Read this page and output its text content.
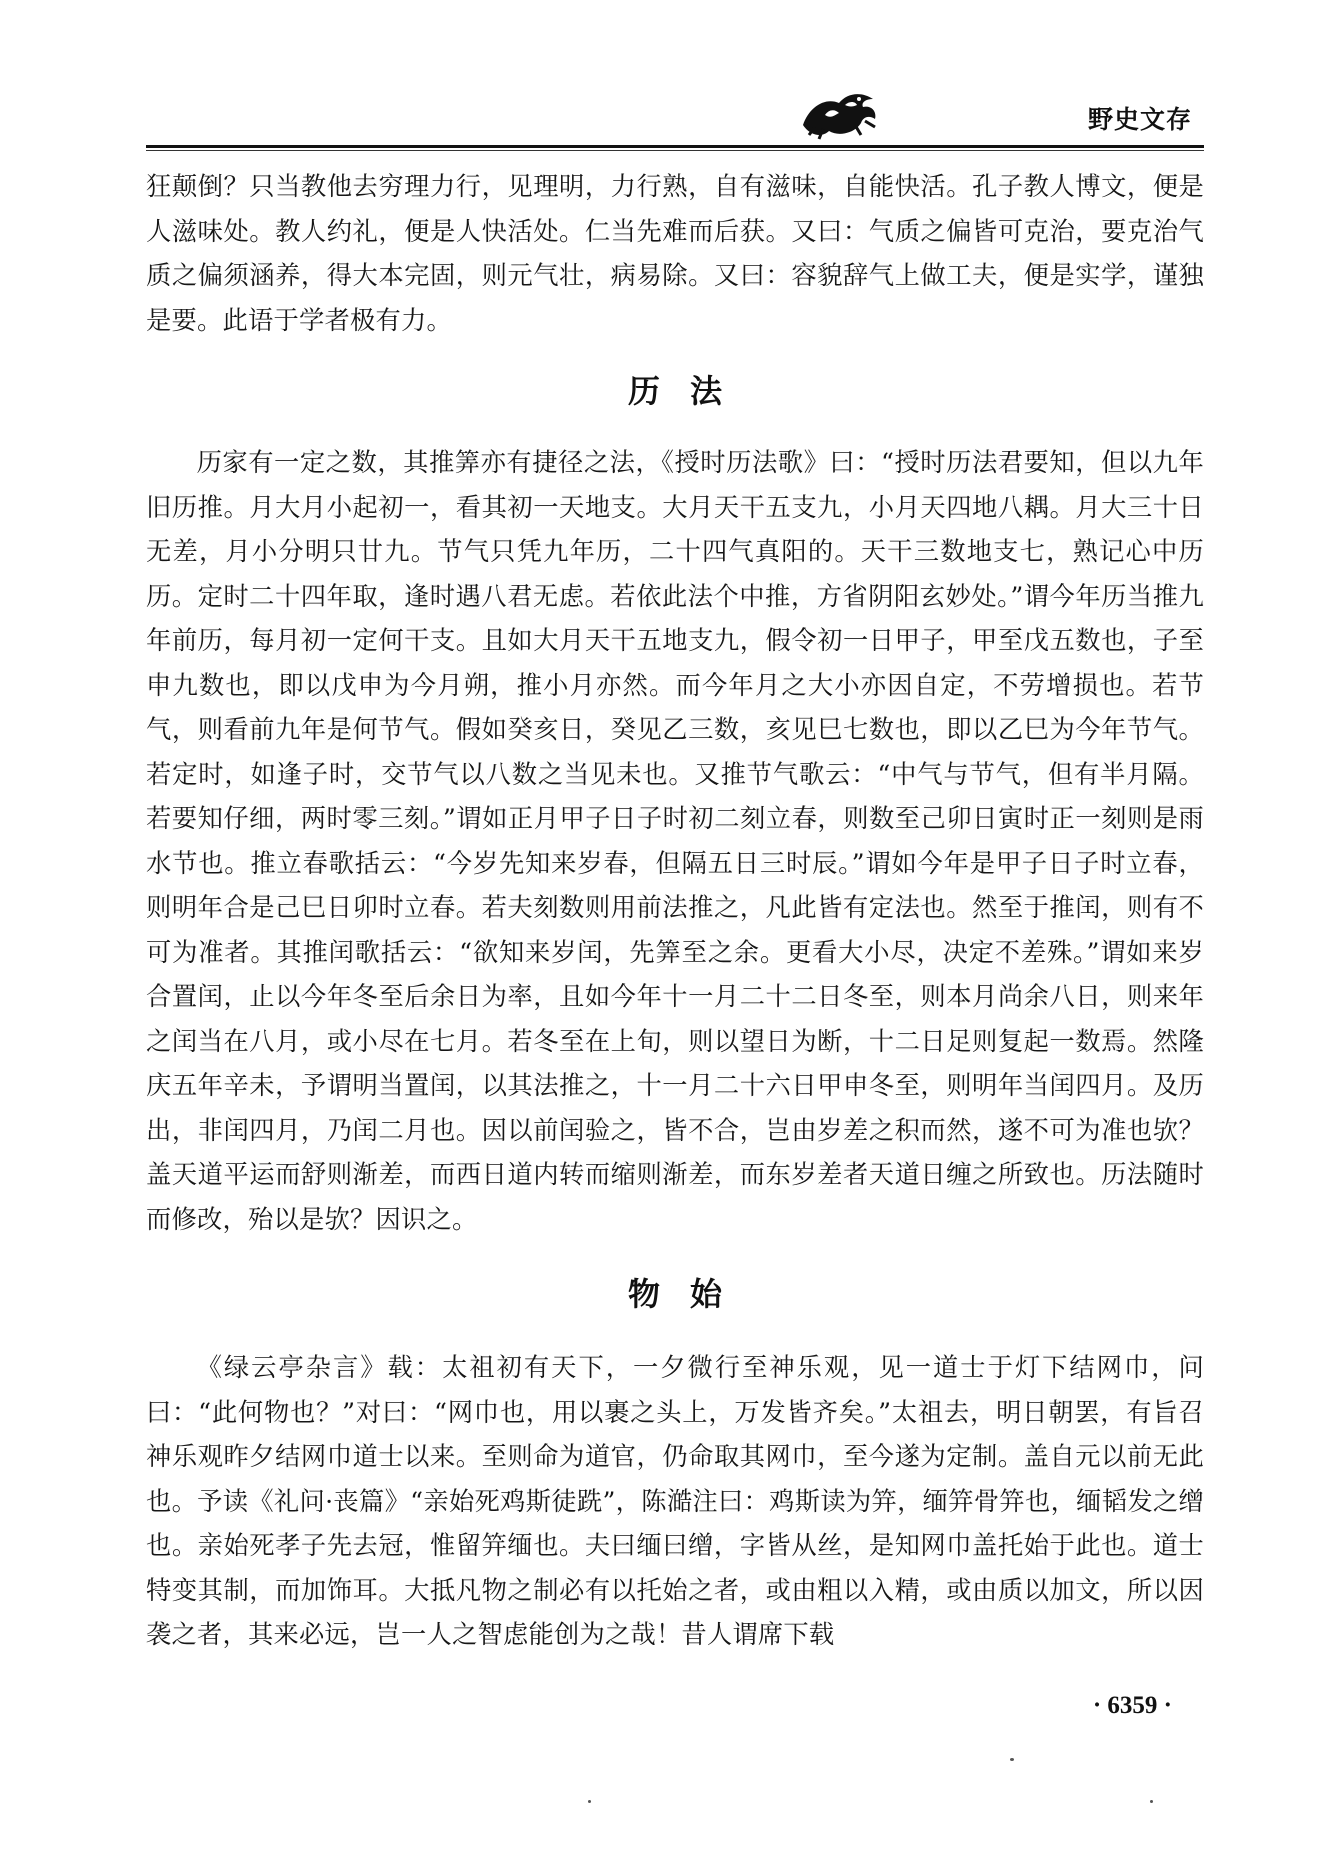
野史文存

狂颠倒？只当教他去穷理力行，见理明，力行熟，自有滋味，自能快活。孔子教人博文，便是人滋味处。教人约礼，便是人快活处。仁当先难而后获。又曰：气质之偏皆可克治，要克治气质之偏须涵养，得大本完固，则元气壮，病易除。又曰：容貌辞气上做工夫，便是实学，谨独是要。此语于学者极有力。

历法

历家有一定之数，其推筭亦有捷径之法，《授时历法歌》曰：“授时历法君要知，但以九年旧历推。月大月小起初一，看其初一天地支。大月天干五支九，小月天四地八耦。月大三十日无差，月小分明只廿九。节气只凭九年历，二十四气真阳的。天干三数地支七，熟记心中历历。定时二十四年取，逢时遇八君无虑。若依此法个中推，方省阴阳玄妙处。”谓今年历当推九年前历，每月初一定何干支。且如大月天干五地支九，假令初一日甲子，甲至戊五数也，子至申九数也，即以戊申为今月朔，推小月亦然。而今年月之大小亦因自定，不劳增损也。若节气，则看前九年是何节气。假如癸亥日，癸见乙三数，亥见巳七数也，即以乙巳为今年节气。若定时，如逢子时，交节气以八数之当见未也。又推节气歌云：“中气与节气，但有半月隔。若要知仔细，两时零三刻。”谓如正月甲子日子时初二刻立春，则数至己卯日寅时正一刻则是雨水节也。推立春歌括云：“今岁先知来岁春，但隔五日三时辰。”谓如今年是甲子日子时立春，则明年合是己巳日卯时立春。若夫刻数则用前法推之，凡此皆有定法也。然至于推闰，则有不可为准者。其推闰歌括云：“欲知来岁闰，先筭至之余。更看大小尽，决定不差殊。”谓如来岁合置闰，止以今年冬至后余日为率，且如今年十一月二十二日冬至，则本月尚余八日，则来年之闰当在八月，或小尽在七月。若冬至在上旬，则以望日为断，十二日足则复起一数焉。然隆庆五年辛未，予谓明当置闰，以其法推之，十一月二十六日甲申冬至，则明年当闰四月。及历出，非闰四月，乃闰二月也。因以前闰验之，皆不合，岂由岁差之积而然，遂不可为准也欤？盖天道平运而舒则渐差，而西日道内转而缩则渐差，而东岁差者天道日缠之所致也。历法随时而修改，殆以是欤？因识之。

物始

《绿云亭杂言》载：太祖初有天下，一夕微行至神乐观，见一道士于灯下结网巾，问曰：“此何物也？”对曰：“网巾也，用以裹之头上，万发皆齐矣。”太祖去，明日朝罢，有旨召神乐观昨夕结网巾道士以来。至则命为道官，仍命取其网巾，至今遂为定制。盖自元以前无此也。予读《礼问·丧篇》“亲始死鸡斯徒跣”，陈澔注曰：鸡斯读为笄，缅笄骨笄也，缅韬发之缯也。亲始死孝子先去冠，惟留笄缅也。夫曰缅曰缯，字皆从丝，是知网巾盖托始于此也。道士特变其制，而加饰耳。大抵凡物之制必有以托始之者，或由粗以入精，或由质以加文，所以因袭之者，其来必远，岂一人之智虑能创为之哉！昔人谓席下载

· 6359 ·
